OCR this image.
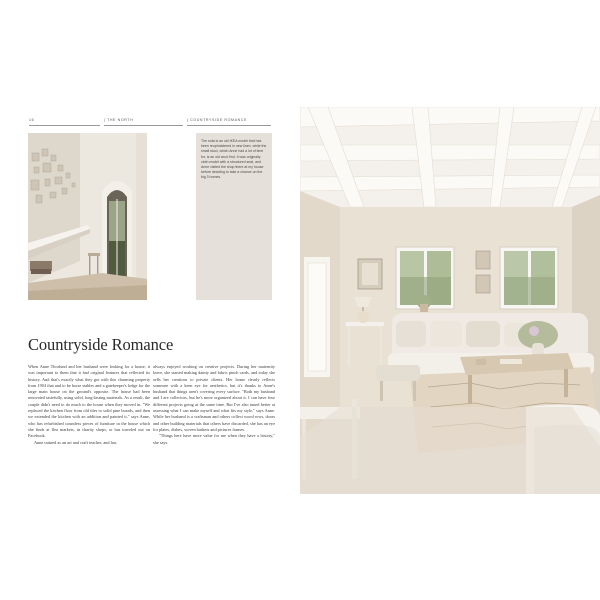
16	| THE NORTH	| COUNTRYSIDE ROMANCE
The sofa is an old IKEA model that has been reupholstered in new linen, while the small stool, which Anne had a lot of time for, is an old wool find. It was originally cloth model with a structured seat, and Anne visited the shop there at my house before deciding to take a chance on the big 3 homes.
Countryside Romance

When Anne Thorlund and her husband were looking for a house, it was important to them that it had original features that reflected its history. And that's exactly what they got with this charming property from 1904 that and to be horse stables and a gatekeeper's lodge for the large main house on the ground's opposite. The house had been renovated tastefully, using solid, long-lasting materials. As a result, the couple didn't need to do much to the house when they moved in. "We replaced the kitchen floor from old tiles to solid pine boards, and then we extended the kitchen with an addition and painted it," says Anne, who has refurbished countless pieces of furniture in the house which she finds at flea markets, in charity shops, or has traveled out on Facebook.

Anne trained as an art and craft teacher, and has

always enjoyed working on creative projects. During her maternity leave, she started making dainty and fabric pinch cards, and today she sells her creations to private clients. Her home clearly reflects someone with a keen eye for aesthetics, but it's thanks to Anne's husband that things aren't covering every surface. "Both my husband and I are collectors, but he's more organized about it. I can have four different projects going at the same time. But I've also tuned better at assessing what I can make myself and what fits my style," says Anne. While her husband is a craftsman and others collect wood rows, doors and other building materials that others have discarded, she has an eye for plates, dishes, woven baskets and pictures frames.

"Things here have more value for me when they have a history," she says.
